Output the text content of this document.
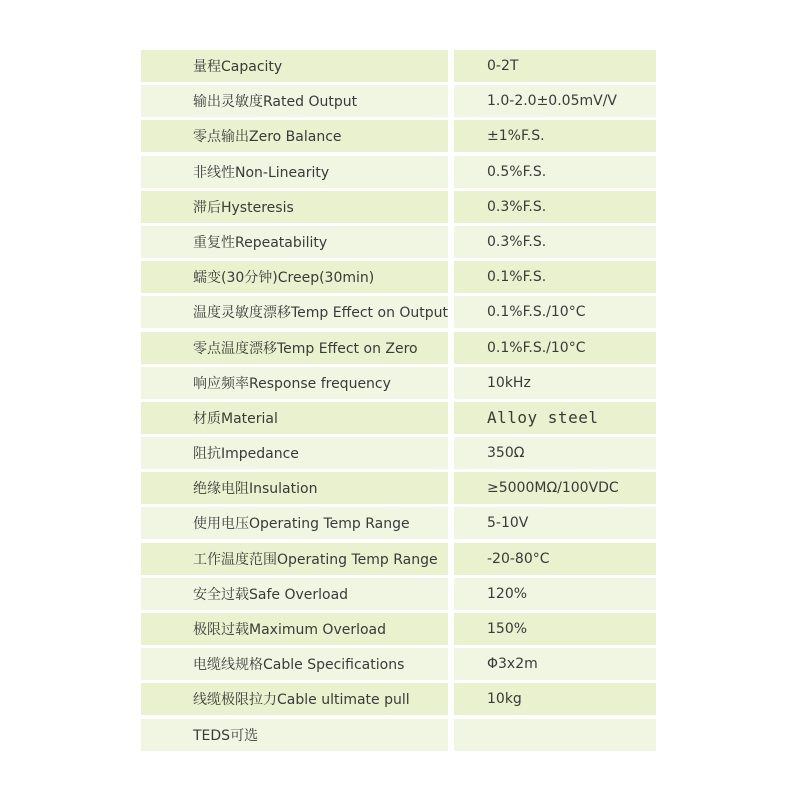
量程Capacity	0-2T
输出灵敏度Rated Output	1.0-2.0±0.05mV/V
零点输出Zero Balance	±1%F.S.
非线性Non-Linearity	0.5%F.S.
滞后Hysteresis	0.3%F.S.
重复性Repeatability	0.3%F.S.
蠕变(30分钟)Creep(30min)	0.1%F.S.
温度灵敏度漂移Temp Effect on Output	0.1%F.S./10°C
零点温度漂移Temp Effect on Zero	0.1%F.S./10°C
响应频率Response frequency	10kHz
材质Material	Alloy steel
阻抗Impedance	350Ω
绝缘电阻Insulation	≥5000MΩ/100VDC
使用电压Operating Temp Range	5-10V
工作温度范围Operating Temp Range	-20-80°C
安全过载Safe Overload	120%
极限过载Maximum Overload	150%
电缆线规格Cable Specifications	Φ3x2m
线缆极限拉力Cable ultimate pull	10kg
TEDS可选
